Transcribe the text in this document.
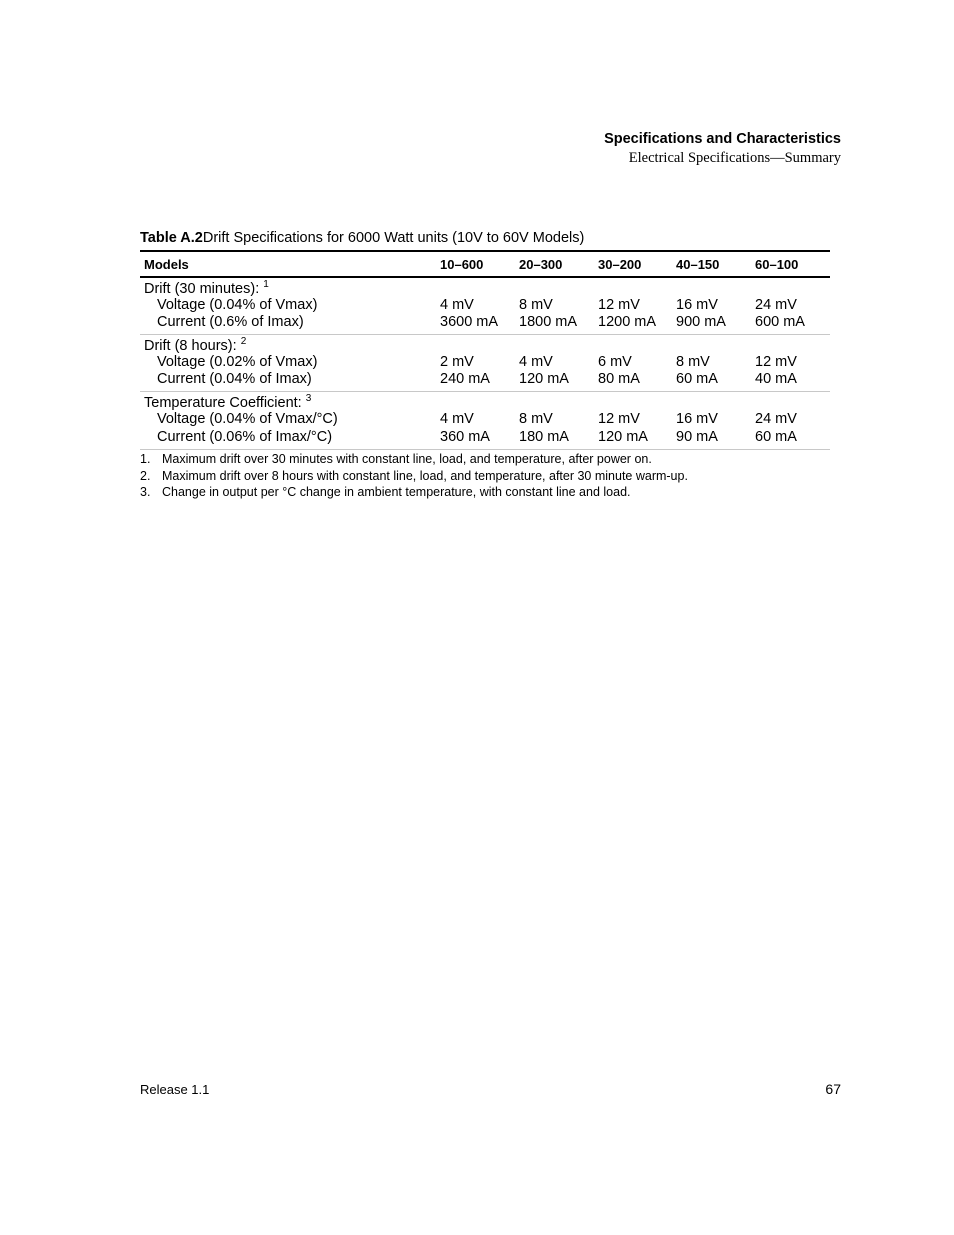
Specifications and Characteristics
Electrical Specifications—Summary
Table A.2Drift Specifications for 6000 Watt units (10V to 60V Models)
Models	10–600	20–300	30–200	40–150	60–100
Drift (30 minutes): $^1$
Voltage (0.04% of Vmax)	4 mV	8 mV	12 mV 16 mV	24 mV
Current (0.6% of Imax)	3600 mA 1800 mA 1200 mA 900 mA 600 mA
Drift (8 hours): $^2$
Voltage (0.02% of Vmax)	2 mV	4 mV	6 mV	8 mV	12 mV
Current (0.04% of Imax)	240 mA 120 mA 80 mA 60 mA	40 mA
Temperature Coefficient: $^3$
Voltage (0.04% of Vmax/°C)	4 mV	8 mV	12 mV 16 mV	24 mV
Current (0.06% of Imax/°C)	360 mA 180 mA 120 mA 90 mA	60 mA
1. Maximum drift over 30 minutes with constant line, load, and temperature, after power on.
2. Maximum drift over 8 hours with constant line, load, and temperature, after 30 minute warm-up.
3. Change in output per °C change in ambient temperature, with constant line and load.
Release 1.1	67
